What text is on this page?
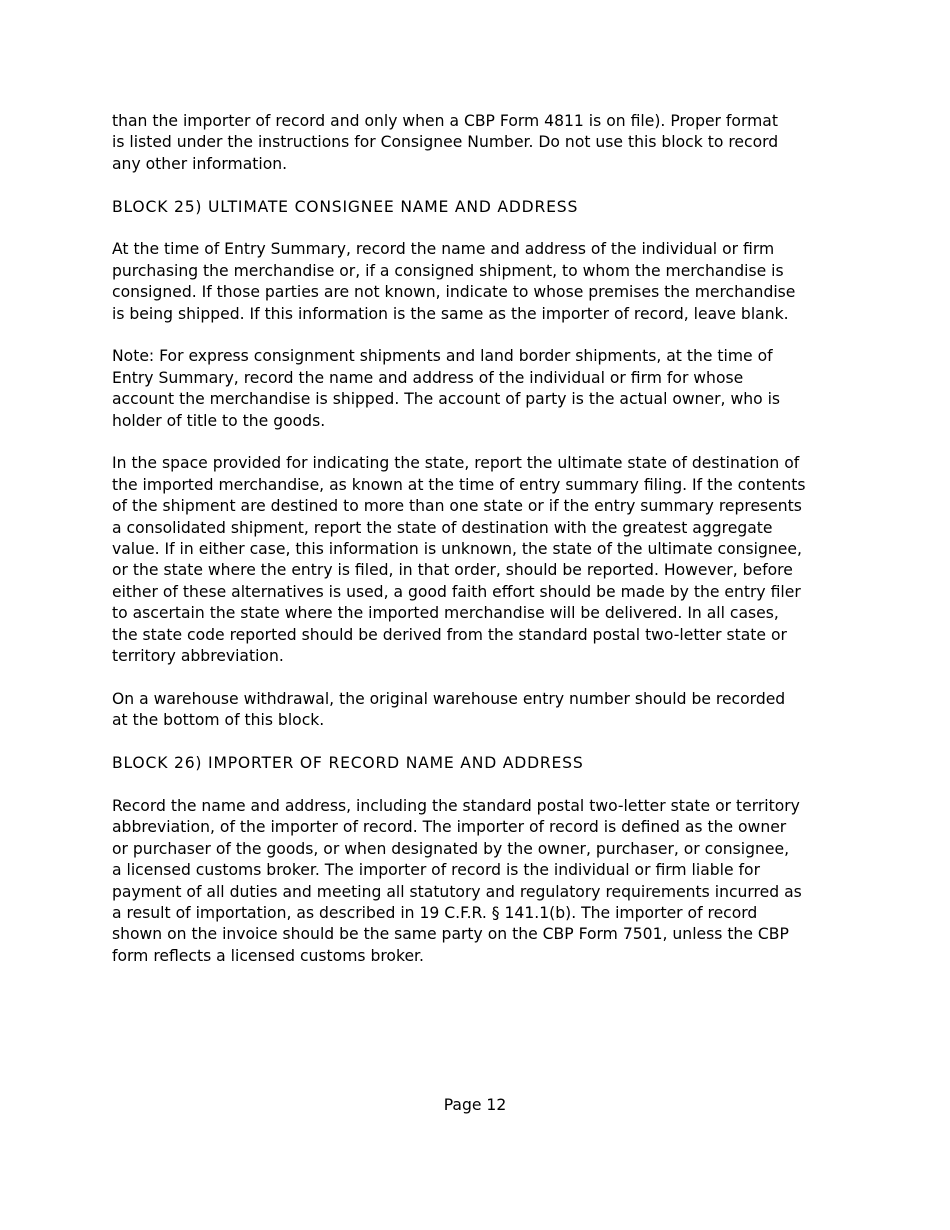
than the importer of record and only when a CBP Form 4811 is on file). Proper format
is listed under the instructions for Consignee Number. Do not use this block to record
any other information.

BLOCK 25) ULTIMATE CONSIGNEE NAME AND ADDRESS

At the time of Entry Summary, record the name and address of the individual or firm
purchasing the merchandise or, if a consigned shipment, to whom the merchandise is
consigned. If those parties are not known, indicate to whose premises the merchandise
is being shipped. If this information is the same as the importer of record, leave blank.

Note: For express consignment shipments and land border shipments, at the time of
Entry Summary, record the name and address of the individual or firm for whose
account the merchandise is shipped. The account of party is the actual owner, who is
holder of title to the goods.

In the space provided for indicating the state, report the ultimate state of destination of
the imported merchandise, as known at the time of entry summary filing. If the contents
of the shipment are destined to more than one state or if the entry summary represents
a consolidated shipment, report the state of destination with the greatest aggregate
value. If in either case, this information is unknown, the state of the ultimate consignee,
or the state where the entry is filed, in that order, should be reported. However, before
either of these alternatives is used, a good faith effort should be made by the entry filer
to ascertain the state where the imported merchandise will be delivered. In all cases,
the state code reported should be derived from the standard postal two-letter state or
territory abbreviation.

On a warehouse withdrawal, the original warehouse entry number should be recorded
at the bottom of this block.

BLOCK 26) IMPORTER OF RECORD NAME AND ADDRESS

Record the name and address, including the standard postal two-letter state or territory
abbreviation, of the importer of record. The importer of record is defined as the owner
or purchaser of the goods, or when designated by the owner, purchaser, or consignee,
a licensed customs broker. The importer of record is the individual or firm liable for
payment of all duties and meeting all statutory and regulatory requirements incurred as
a result of importation, as described in 19 C.F.R. § 141.1(b). The importer of record
shown on the invoice should be the same party on the CBP Form 7501, unless the CBP
form reflects a licensed customs broker.

Page 12
